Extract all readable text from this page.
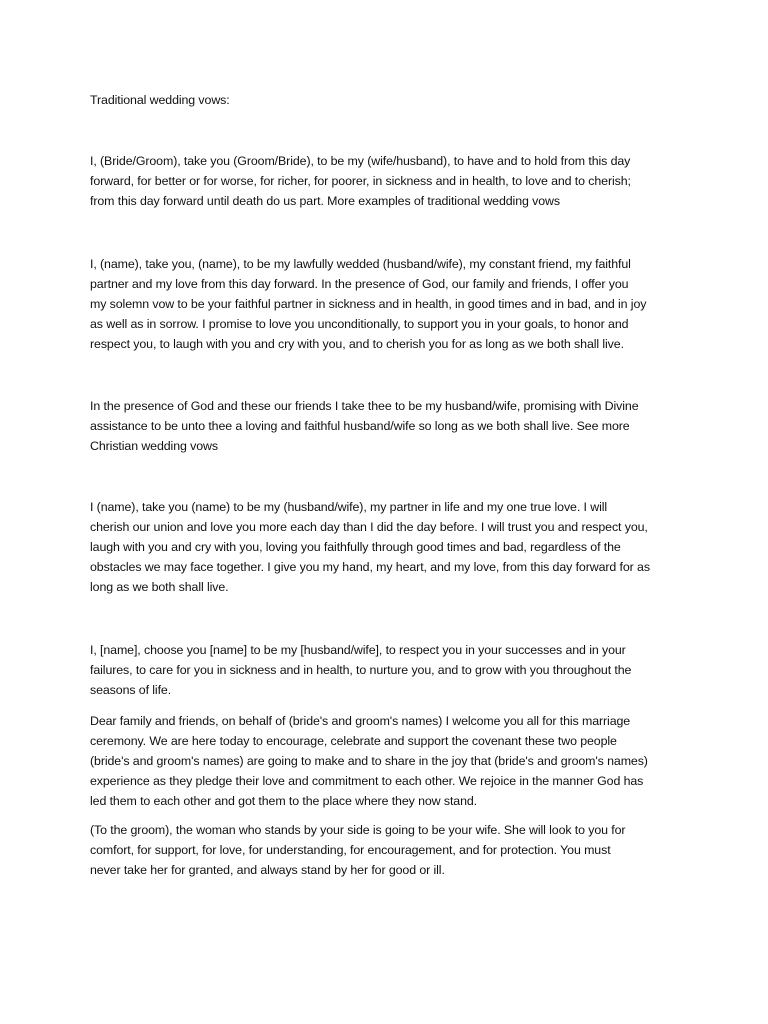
Traditional wedding vows:

I, (Bride/Groom), take you (Groom/Bride), to be my (wife/husband), to have and to hold from this day
forward, for better or for worse, for richer, for poorer, in sickness and in health, to love and to cherish;
from this day forward until death do us part. More examples of traditional wedding vows

I, (name), take you, (name), to be my lawfully wedded (husband/wife), my constant friend, my faithful
partner and my love from this day forward. In the presence of God, our family and friends, I offer you
my solemn vow to be your faithful partner in sickness and in health, in good times and in bad, and in joy
as well as in sorrow. I promise to love you unconditionally, to support you in your goals, to honor and
respect you, to laugh with you and cry with you, and to cherish you for as long as we both shall live.

In the presence of God and these our friends I take thee to be my husband/wife, promising with Divine
assistance to be unto thee a loving and faithful husband/wife so long as we both shall live. See more
Christian wedding vows

I (name), take you (name) to be my (husband/wife), my partner in life and my one true love. I will
cherish our union and love you more each day than I did the day before. I will trust you and respect you,
laugh with you and cry with you, loving you faithfully through good times and bad, regardless of the
obstacles we may face together. I give you my hand, my heart, and my love, from this day forward for as
long as we both shall live.

I, [name], choose you [name] to be my [husband/wife], to respect you in your successes and in your
failures, to care for you in sickness and in health, to nurture you, and to grow with you throughout the
seasons of life.

Dear family and friends, on behalf of (bride's and groom's names) I welcome you all for this marriage
ceremony. We are here today to encourage, celebrate and support the covenant these two people
(bride's and groom's names) are going to make and to share in the joy that (bride's and groom's names)
experience as they pledge their love and commitment to each other. We rejoice in the manner God has
led them to each other and got them to the place where they now stand.

(To the groom), the woman who stands by your side is going to be your wife. She will look to you for
comfort, for support, for love, for understanding, for encouragement, and for protection. You must
never take her for granted, and always stand by her for good or ill.
